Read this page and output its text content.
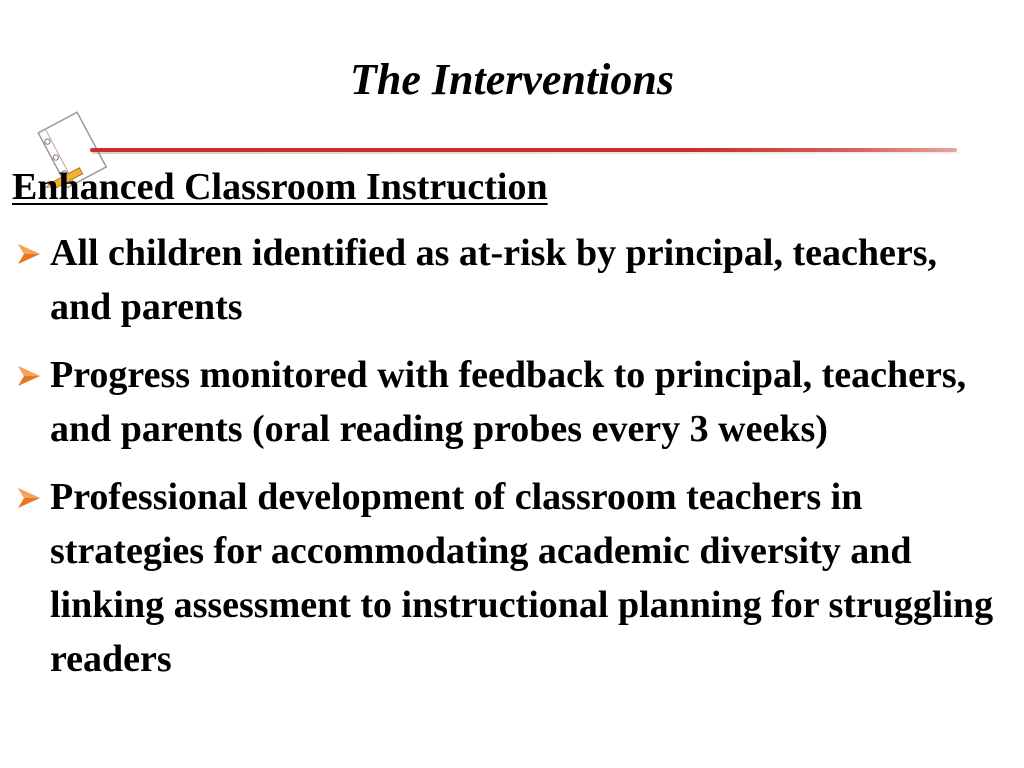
The Interventions
Enhanced Classroom Instruction
All children identified as at-risk by principal, teachers, and parents
Progress monitored with feedback to principal, teachers, and parents (oral reading probes every 3 weeks)
Professional development of classroom teachers in strategies for accommodating academic diversity and linking assessment to instructional planning for struggling readers
